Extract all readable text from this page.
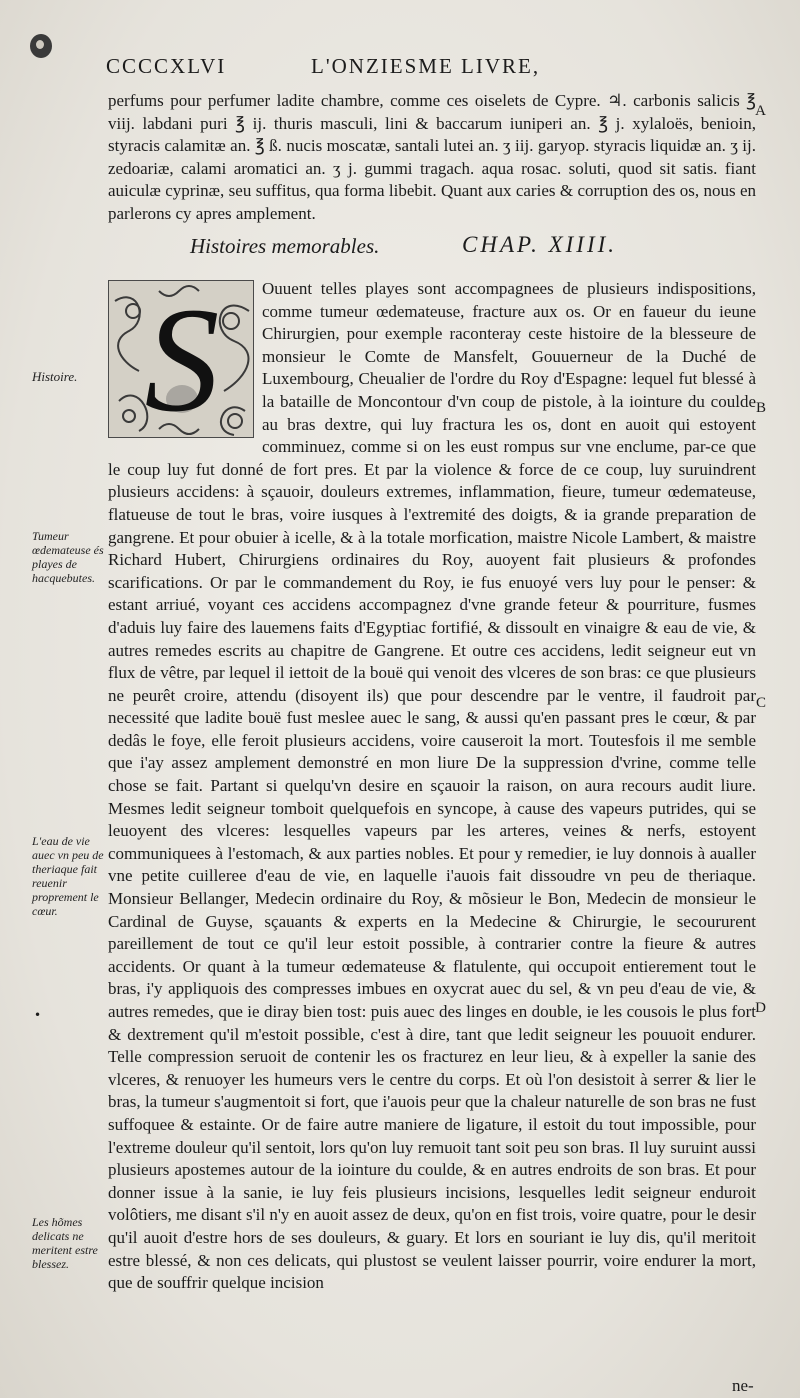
CCCCXLVI	L'ONZIESME LIVRE,

perfums pour perfumer ladite chambre, comme ces oiselets de Cypre. ♃. carbonis salicis ℥ viij. labdani puri ℥ ij. thuris masculi, lini & baccarum iuniperi an. ℥ j. xylaloës, benioin, styracis calamitæ an. ℥ ß. nucis moscatæ, santali lutei an. ʒ iij. garyop. styracis liquidæ an. ʒ ij. zedoariæ, calami aromatici an. ʒ j. gummi tragach. aqua rosac. soluti, quod sit satis. fiant auiculæ cyprinæ, seu suffitus, qua forma libebit. Quant aux caries & corruption des os, nous en parlerons cy apres amplement.

Histoires memorables.	CHAP. XIIII.
S	Ouuent telles playes sont accompagnees de plusieurs indispositions, comme tumeur œdemateuse, fracture aux os. Or en faueur du ieune Chirurgien, pour exemple raconteray ceste histoire de la blesseure de monsieur le Comte de Mansfelt, Gouuerneur de la Duché de Luxembourg, Cheualier de l'ordre du Roy d'Espagne: lequel fut blessé à la bataille de Moncontour d'vn coup de pistole, à la iointure du coulde au bras dextre, qui luy fractura les os, dont en auoit qui estoyent comminuez, comme si on les eust rompus sur vne enclume, par-ce que le coup luy fut donné de fort pres. Et par la violence & force de ce coup, luy suruindrent plusieurs accidens: à sçauoir, douleurs extremes, inflammation, fieure, tumeur œdemateuse, flatueuse de tout le bras, voire iusques à l'extremité des doigts, & ia grande preparation de gangrene. Et pour obuier à icelle, & à la totale morfication, maistre Nicole Lambert, & maistre Richard Hubert, Chirurgiens ordinaires du Roy, auoyent fait plusieurs & profondes scarifications. Or par le commandement du Roy, ie fus enuoyé vers luy pour le penser: & estant arriué, voyant ces accidens accompagnez d'vne grande feteur & pourriture, fusmes d'aduis luy faire des lauemens faits d'Egyptiac fortifié, & dissoult en vinaigre & eau de vie, & autres remedes escrits au chapitre de Gangrene. Et outre ces accidens, ledit seigneur eut vn flux de vêtre, par lequel il iettoit de la bouë qui venoit des vlceres de son bras: ce que plusieurs ne peurêt croire, attendu (disoyent ils) que pour descendre par le ventre, il faudroit par necessité que ladite bouë fust meslee auec le sang, & aussi qu'en passant pres le cœur, & par dedâs le foye, elle feroit plusieurs accidens, voire causeroit la mort. Toutesfois il me semble que i'ay assez amplement demonstré en mon liure De la suppression d'vrine, comme telle chose se fait. Partant si quelqu'vn desire en sçauoir la raison, on aura recours audit liure. Mesmes ledit seigneur tomboit quelquefois en syncope, à cause des vapeurs putrides, qui se leuoyent des vlceres: lesquelles vapeurs par les arteres, veines & nerfs, estoyent communiquees à l'estomach, & aux parties nobles. Et pour y remedier, ie luy donnois à aualler vne petite cuilleree d'eau de vie, en laquelle i'auois fait dissoudre vn peu de theriaque. Monsieur Bellanger, Medecin ordinaire du Roy, & mõsieur le Bon, Medecin de monsieur le Cardinal de Guyse, sçauants & experts en la Medecine & Chirurgie, le secoururent pareillement de tout ce qu'il leur estoit possible, à contrarier contre la fieure & autres accidents. Or quant à la tumeur œdemateuse & flatulente, qui occupoit entierement tout le bras, i'y appliquois des compresses imbues en oxycrat auec du sel, & vn peu d'eau de vie, & autres remedes, que ie diray bien tost: puis auec des linges en double, ie les cousois le plus fort & dextrement qu'il m'estoit possible, c'est à dire, tant que ledit seigneur les pouuoit endurer. Telle compression seruoit de contenir les os fracturez en leur lieu, & à expeller la sanie des vlceres, & renuoyer les humeurs vers le centre du corps. Et où l'on desistoit à serrer & lier le bras, la tumeur s'augmentoit si fort, que i'auois peur que la chaleur naturelle de son bras ne fust suffoquee & estainte. Or de faire autre maniere de ligature, il estoit du tout impossible, pour l'extreme douleur qu'il sentoit, lors qu'on luy remuoit tant soit peu son bras. Il luy suruint aussi plusieurs apostemes autour de la iointure du coulde, & en autres endroits de son bras. Et pour donner issue à la sanie, ie luy feis plusieurs incisions, lesquelles ledit seigneur enduroit volôtiers, me disant s'il n'y en auoit assez de deux, qu'on en fist trois, voire quatre, pour le desir qu'il auoit d'estre hors de ses douleurs, & guary. Et lors en souriant ie luy dis, qu'il meritoit estre blessé, & non ces delicats, qui plustost se veulent laisser pourrir, voire endurer la mort, que de souffrir quelque incision

Histoire.
Tumeur œdemateuse és playes de hacquebutes.
L'eau de vie auec vn peu de theriaque fait reuenir proprement le cœur.
Les hõmes delicats ne meritent estre blessez.
•
A
B
C
D
ne-
